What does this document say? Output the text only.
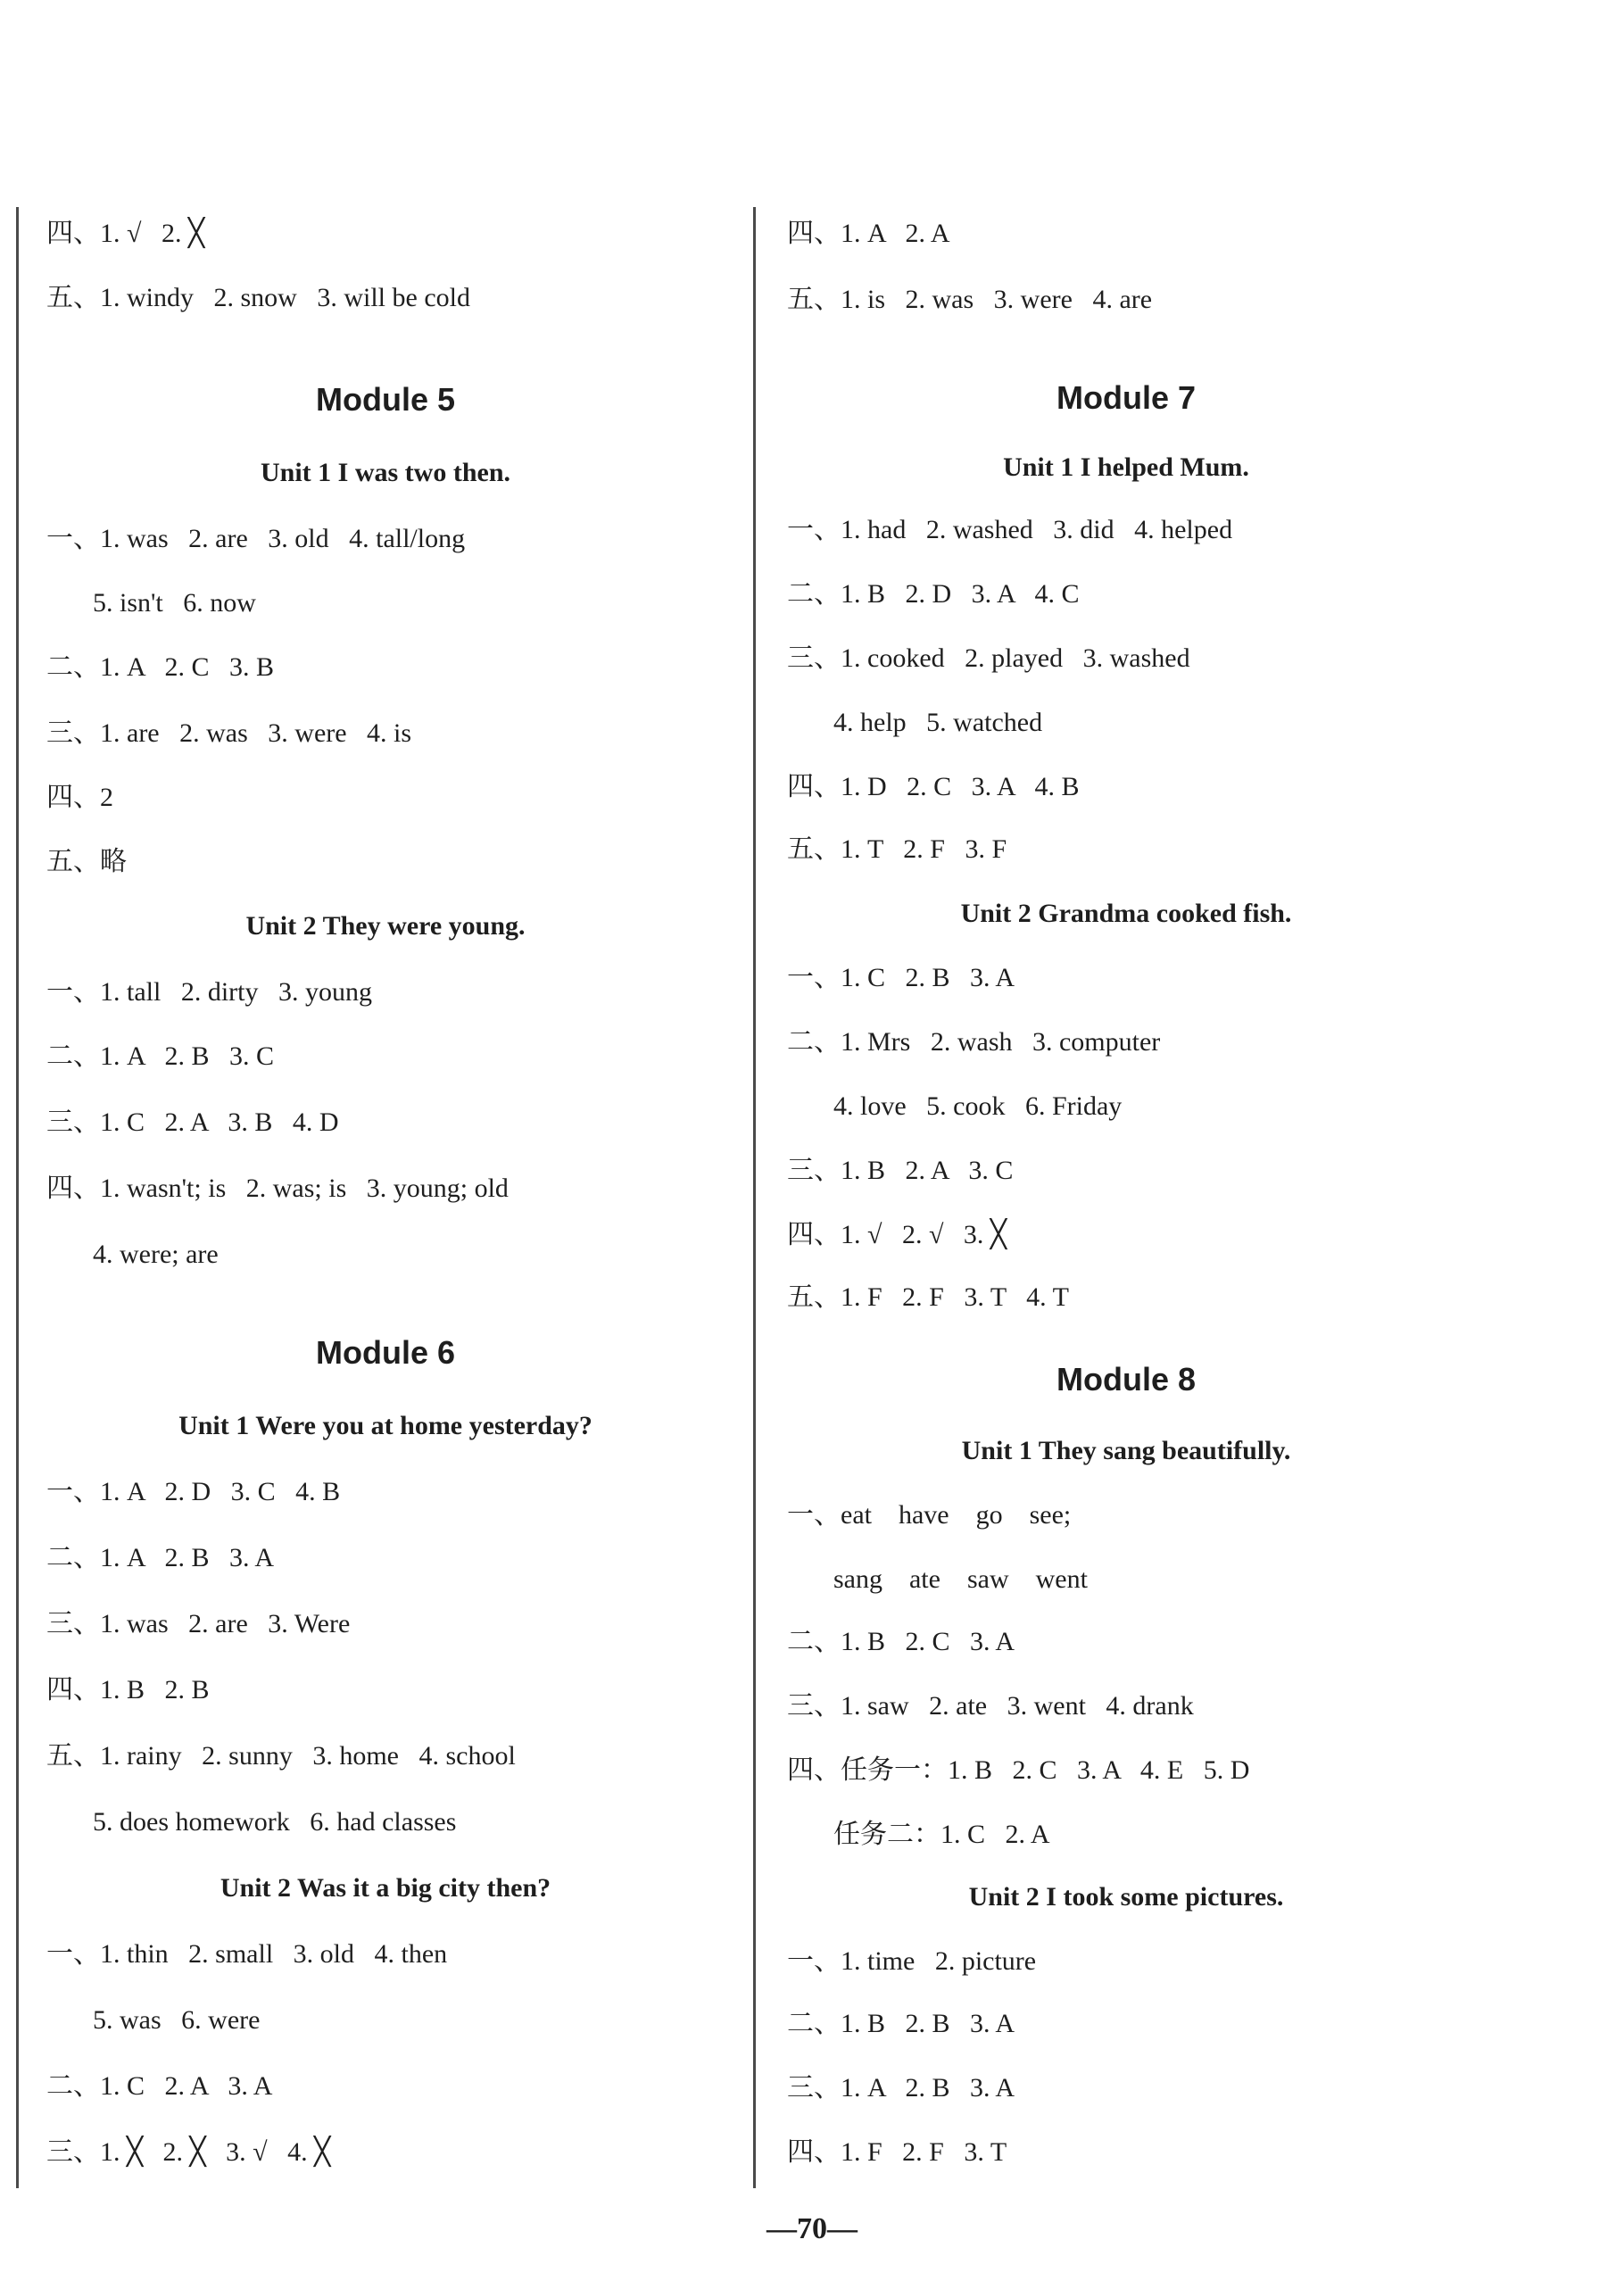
四、1. √   2. ╳
五、1. windy   2. snow   3. will be cold
Module 5
Unit 1 I was two then.
一、1. was   2. are   3. old   4. tall/long
5. isn't   6. now
二、1. A   2. C   3. B
三、1. are   2. was   3. were   4. is
四、2
五、略
Unit 2 They were young.
一、1. tall   2. dirty   3. young
二、1. A   2. B   3. C
三、1. C   2. A   3. B   4. D
四、1. wasn't; is   2. was; is   3. young; old
4. were; are
Module 6
Unit 1 Were you at home yesterday?
一、1. A   2. D   3. C   4. B
二、1. A   2. B   3. A
三、1. was   2. are   3. Were
四、1. B   2. B
五、1. rainy   2. sunny   3. home   4. school
5. does homework   6. had classes
Unit 2 Was it a big city then?
一、1. thin   2. small   3. old   4. then
5. was   6. were
二、1. C   2. A   3. A
三、1. ╳   2. ╳   3. √   4. ╳
四、1. A   2. A
五、1. is   2. was   3. were   4. are
Module 7
Unit 1 I helped Mum.
一、1. had   2. washed   3. did   4. helped
二、1. B   2. D   3. A   4. C
三、1. cooked   2. played   3. washed
4. help   5. watched
四、1. D   2. C   3. A   4. B
五、1. T   2. F   3. F
Unit 2 Grandma cooked fish.
一、1. C   2. B   3. A
二、1. Mrs   2. wash   3. computer
4. love   5. cook   6. Friday
三、1. B   2. A   3. C
四、1. √   2. √   3. ╳
五、1. F   2. F   3. T   4. T
Module 8
Unit 1 They sang beautifully.
一、eat    have    go    see;
sang    ate    saw    went
二、1. B   2. C   3. A
三、1. saw   2. ate   3. went   4. drank
四、任务一：1. B   2. C   3. A   4. E   5. D
任务二：1. C   2. A
Unit 2 I took some pictures.
一、1. time   2. picture
二、1. B   2. B   3. A
三、1. A   2. B   3. A
四、1. F   2. F   3. T
—70—
